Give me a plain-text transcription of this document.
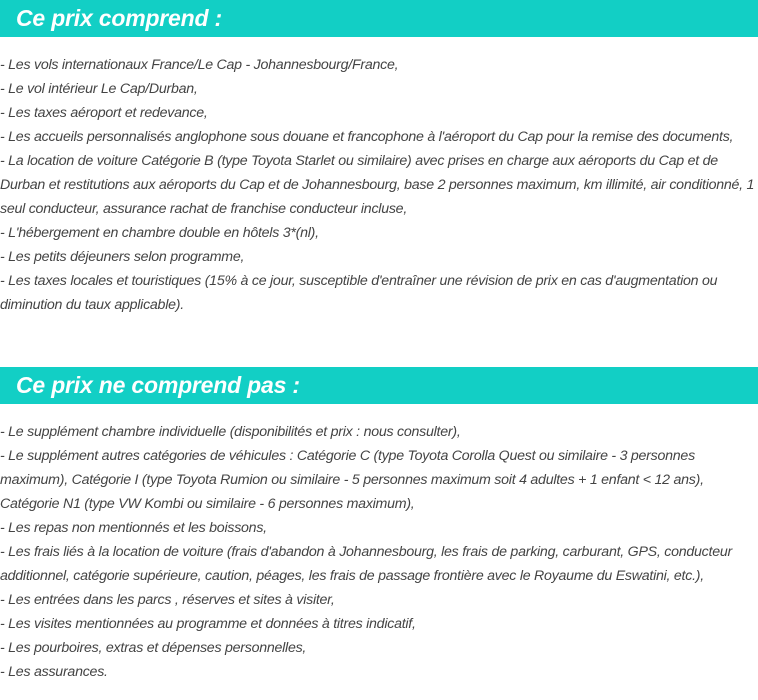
Ce prix comprend :
- Les vols internationaux France/Le Cap - Johannesbourg/France,
- Le vol intérieur Le Cap/Durban,
- Les taxes aéroport et redevance,
- Les accueils personnalisés anglophone sous douane et francophone à l'aéroport du Cap pour la remise des documents,
- La location de voiture Catégorie B (type Toyota Starlet ou similaire) avec prises en charge aux aéroports du Cap et de Durban et restitutions aux aéroports du Cap et de Johannesbourg, base 2 personnes maximum, km illimité, air conditionné, 1 seul conducteur, assurance rachat de franchise conducteur incluse,
- L'hébergement en chambre double en hôtels 3*(nl),
- Les petits déjeuners selon programme,
- Les taxes locales et touristiques (15% à ce jour, susceptible d'entraîner une révision de prix en cas d'augmentation ou diminution du taux applicable).
Ce prix ne comprend pas :
- Le supplément chambre individuelle (disponibilités et prix : nous consulter),
- Le supplément autres catégories de véhicules : Catégorie C (type Toyota Corolla Quest ou similaire - 3 personnes maximum), Catégorie I (type Toyota Rumion ou similaire - 5 personnes maximum soit 4 adultes + 1 enfant < 12 ans), Catégorie N1 (type VW Kombi ou similaire - 6 personnes maximum),
- Les repas non mentionnés et les boissons,
- Les frais liés à la location de voiture (frais d'abandon à Johannesbourg, les frais de parking, carburant, GPS, conducteur additionnel, catégorie supérieure, caution, péages, les frais de passage frontière avec le Royaume du Eswatini, etc.),
- Les entrées dans les parcs , réserves et sites à visiter,
- Les visites mentionnées au programme et données à titres indicatif,
- Les pourboires, extras et dépenses personnelles,
- Les assurances.
